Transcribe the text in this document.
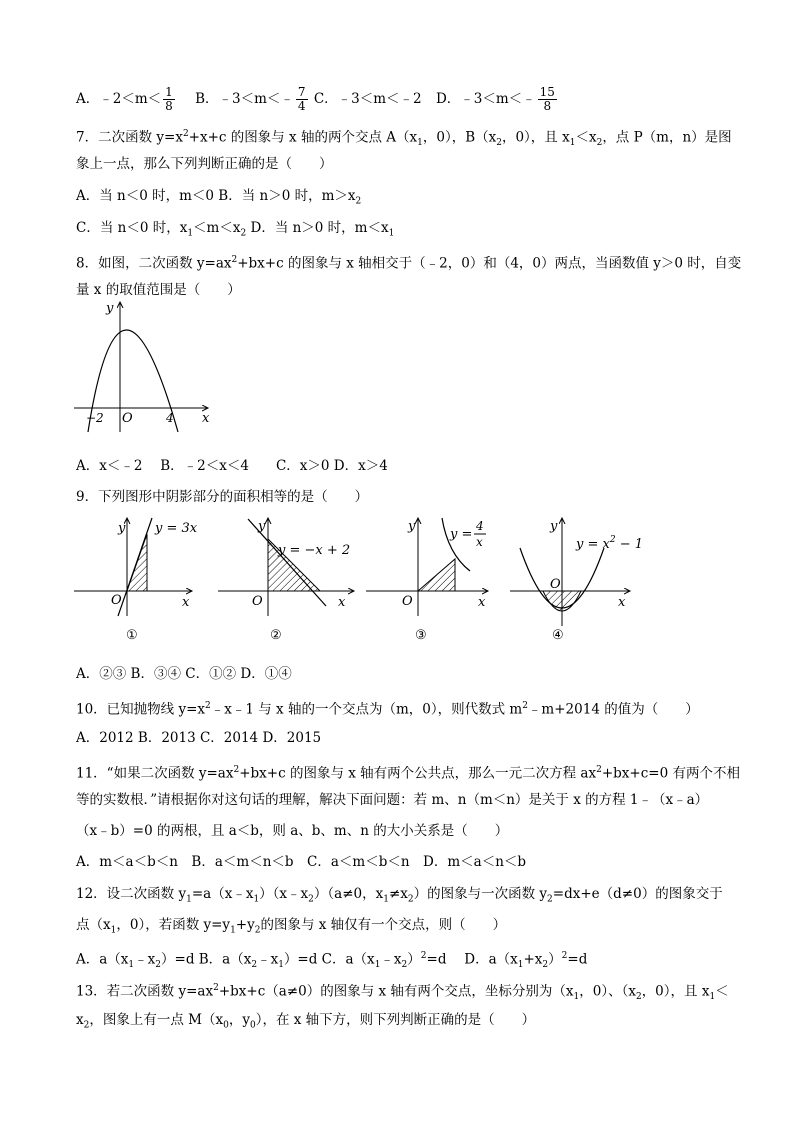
A．﹣2＜m＜ $\frac{1}{8}$ B．﹣3＜m＜﹣ $\frac{7}{4}$ C．﹣3＜m＜﹣2 D．﹣3＜m＜﹣ $\frac{15}{8}$
7．二次函数 $y=x^2+x+c$ 的图象与 x 轴的两个交点 $A(x_1$，0），$B(x_2$，0），且 $x_1<x_2$，点 P（m，n）是图
象上一点，那么下列判断正确的是（　　）
A．当 n＜0 时，m＜0 B．当 n＞0 时，$m>x_2$
C．当 n＜0 时，$x_1<m<x_2$ D．当 n＞0 时，$m<x_1$
8．如图，二次函数 $y=ax^2+bx+c$ 的图象与 x 轴相交于（﹣2，0）和（4，0）两点，当函数值 y＞0 时，自变
量 x 的取值范围是（　　）
y
x
O
−2	4
A．x＜﹣2　 B．﹣2＜x＜4　　C．x＞0 D．x＞4
9．下列图形中阴影部分的面积相等的是（　　）
y y = 3x
O	x
①
y
y = −x + 2
O	x
②
y
y =
4
x
O	x
③
y
$y = x^2 - 1$
O
x
④
A．②③ B．③④ C．①② D．①④
10．已知抛物线 $y=x^2﹣x﹣1$ 与 x 轴的一个交点为（m，0），则代数式 $m^2﹣m+2014$ 的值为（　　）
A．2012 B．2013 C．2014 D．2015
11．“如果二次函数 $y=ax^2+bx+c$ 的图象与 x 轴有两个公共点，那么一元二次方程 $ax^2+bx+c=0$ 有两个不相
等的实数根．”请根据你对这句话的理解，解决下面问题：若 m、n（m＜n）是关于 x 的方程 1﹣（x﹣a）
（x﹣b）=0 的两根，且 a＜b，则 a、b、m、n 的大小关系是（　　）
A．m＜a＜b＜n　B．a＜m＜n＜b　C．a＜m＜b＜n　D．m＜a＜n＜b
12．设二次函数 $y_1=a(x﹣x_1)(x﹣x_2)(a\ne 0$，$x_1\ne x_2$）的图象与一次函数 $y_2=dx+e(d\ne 0)$的图象交于
点（$x_1$，0），若函数 $y=y_1+y_2$的图象与 x 轴仅有一个交点，则（　　）
A．$a(x_1﹣x_2)=d$ B．$a(x_2﹣x_1)=d$ C．$a(x_1﹣x_2)^2=d$　 D．$a(x_1+x_2)^2=d$
13．若二次函数 $y=ax^2+bx+c(a\ne 0)$的图象与 x 轴有两个交点，坐标分别为（$x_1$，0）、（$x_2$，0），且 $x_1<$
$x_2$，图象上有一点 $M(x_0$，$y_0$），在 x 轴下方，则下列判断正确的是（　　）
